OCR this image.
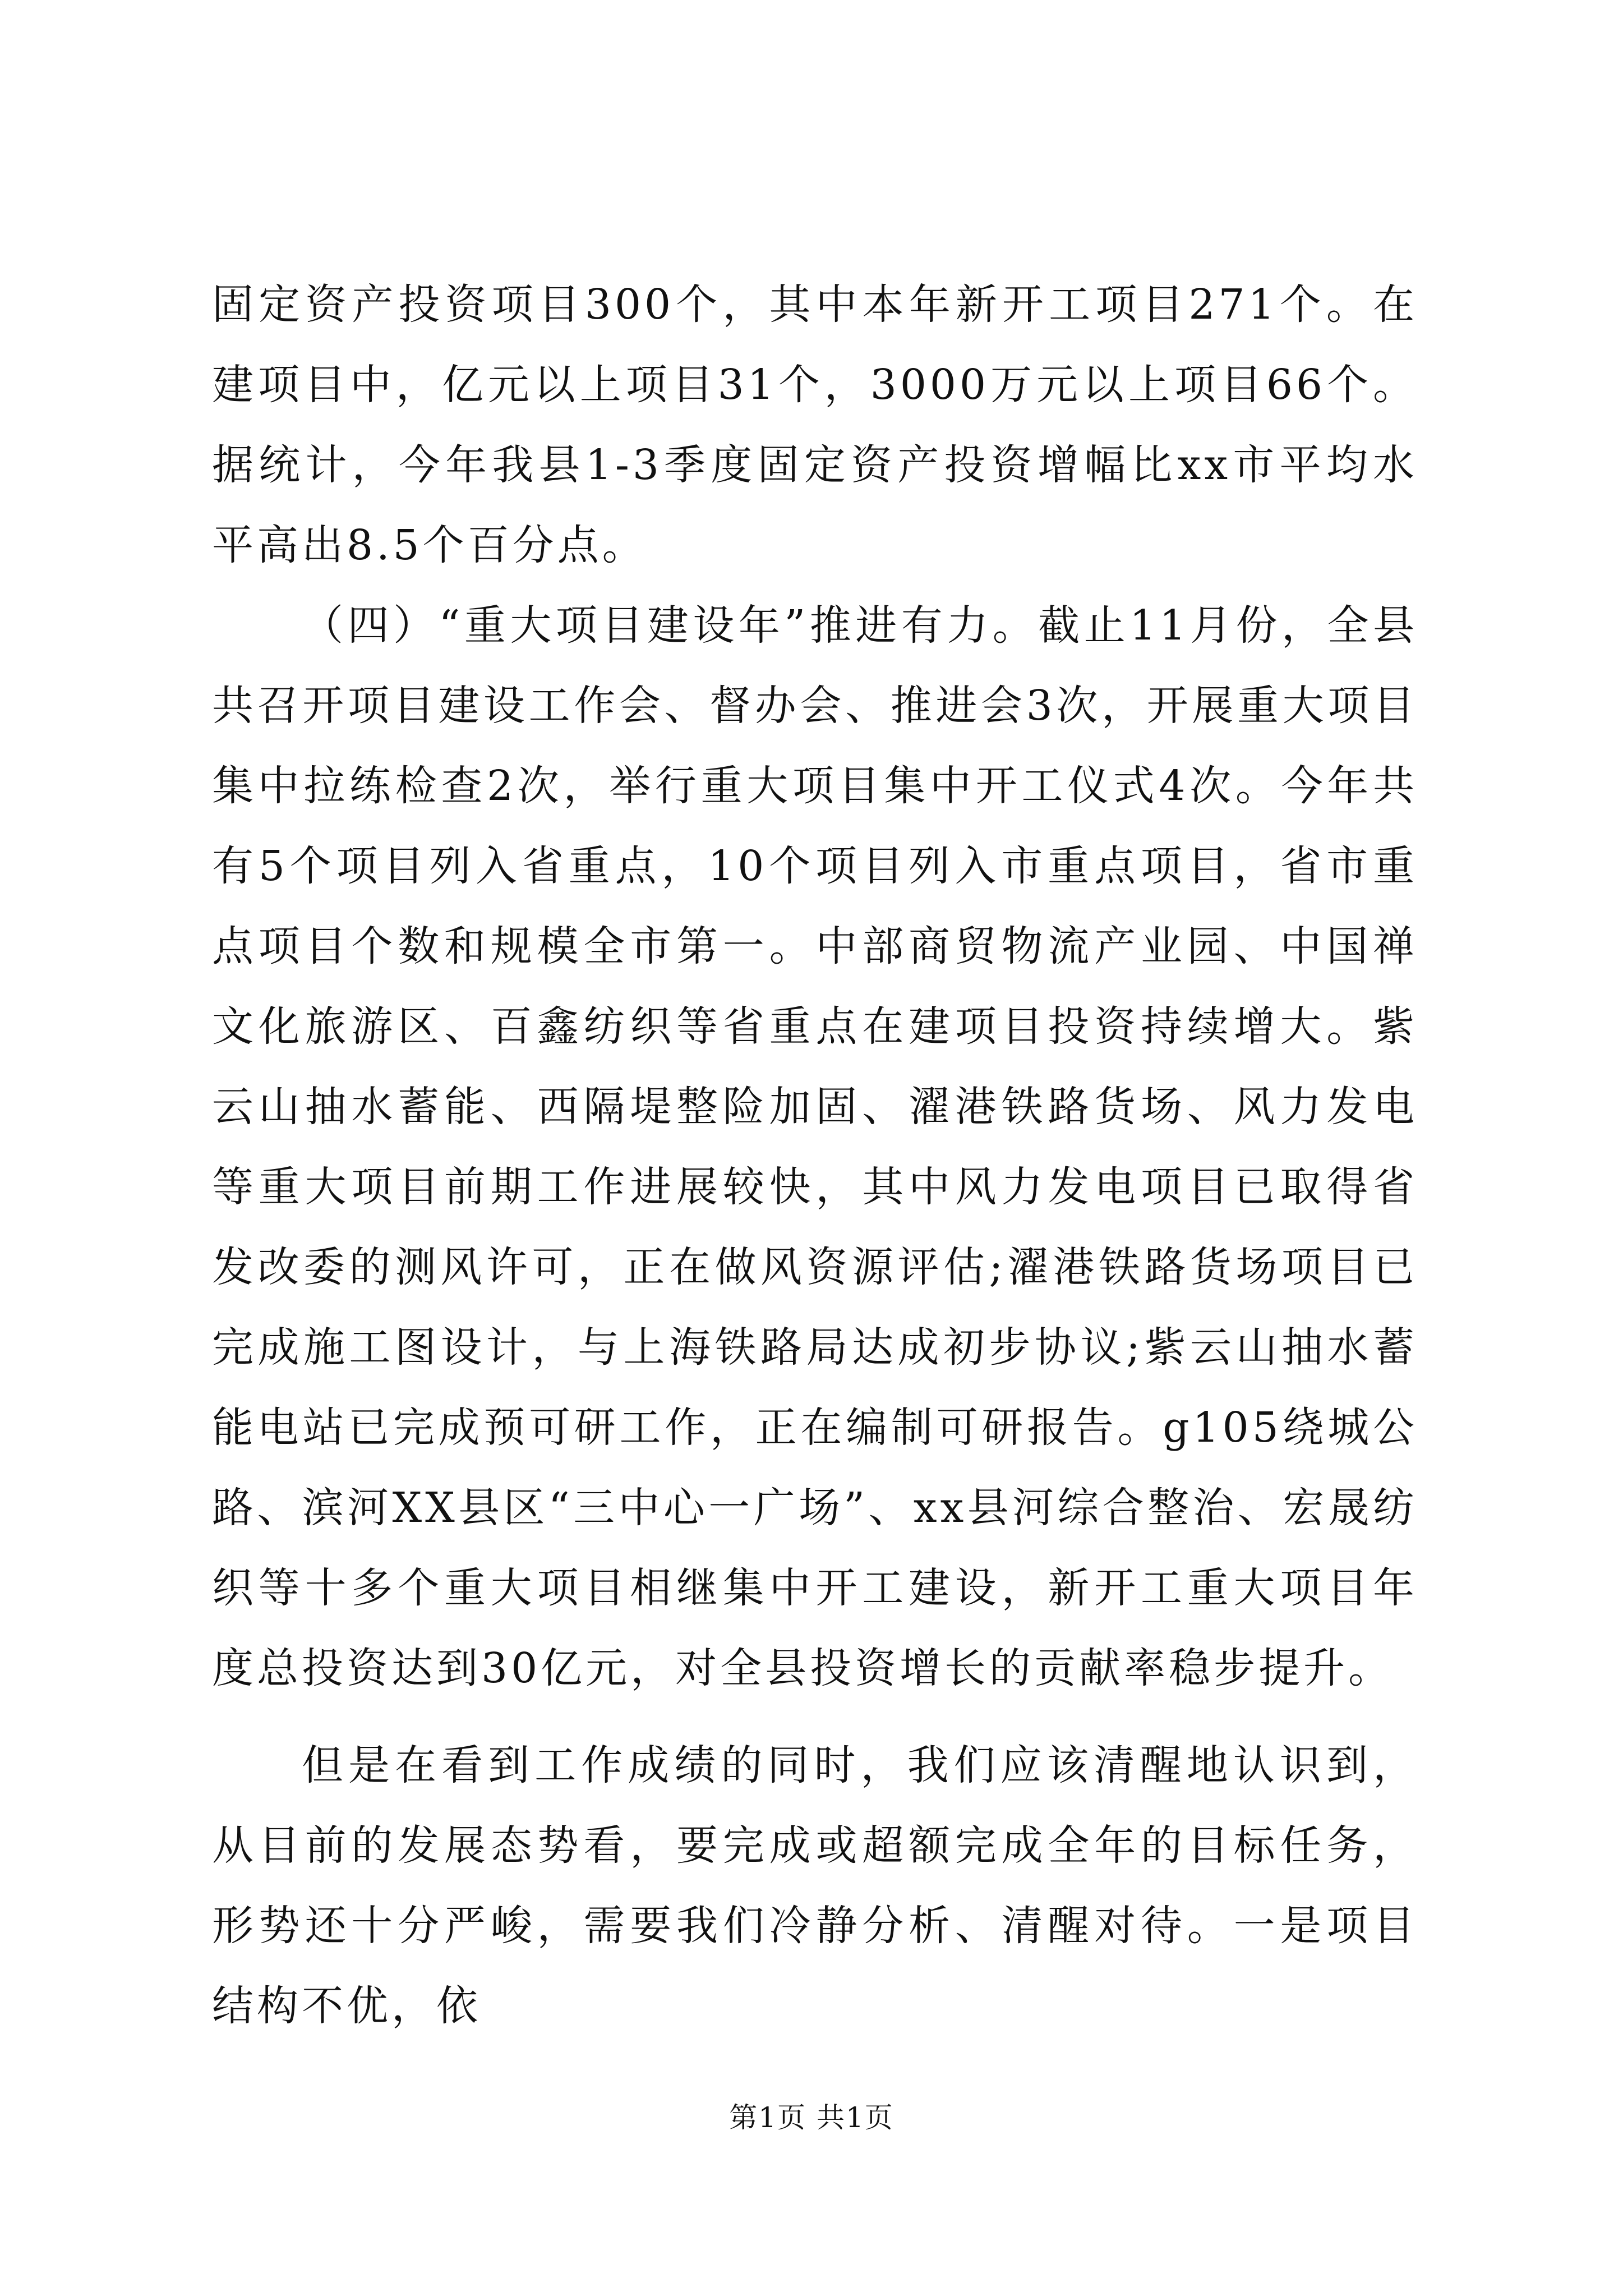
固定资产投资项目300个，其中本年新开工项目271个。在建项目中，亿元以上项目31个，3000万元以上项目66个。据统计，今年我县1-3季度固定资产投资增幅比xx市平均水平高出8.5个百分点。

（四）“重大项目建设年”推进有力。截止11月份，全县共召开项目建设工作会、督办会、推进会3次，开展重大项目集中拉练检查2次，举行重大项目集中开工仪式4次。今年共有5个项目列入省重点，10个项目列入市重点项目，省市重点项目个数和规模全市第一。中部商贸物流产业园、中国禅文化旅游区、百鑫纺织等省重点在建项目投资持续增大。紫云山抽水蓄能、西隔堤整险加固、濯港铁路货场、风力发电等重大项目前期工作进展较快，其中风力发电项目已取得省发改委的测风许可，正在做风资源评估;濯港铁路货场项目已完成施工图设计，与上海铁路局达成初步协议;紫云山抽水蓄能电站已完成预可研工作，正在编制可研报告。g105绕城公路、滨河XX县区“三中心一广场”、xx县河综合整治、宏晟纺织等十多个重大项目相继集中开工建设，新开工重大项目年度总投资达到30亿元，对全县投资增长的贡献率稳步提升。

但是在看到工作成绩的同时，我们应该清醒地认识到，从目前的发展态势看，要完成或超额完成全年的目标任务，形势还十分严峻，需要我们冷静分析、清醒对待。一是项目结构不优，依

第1页 共1页
